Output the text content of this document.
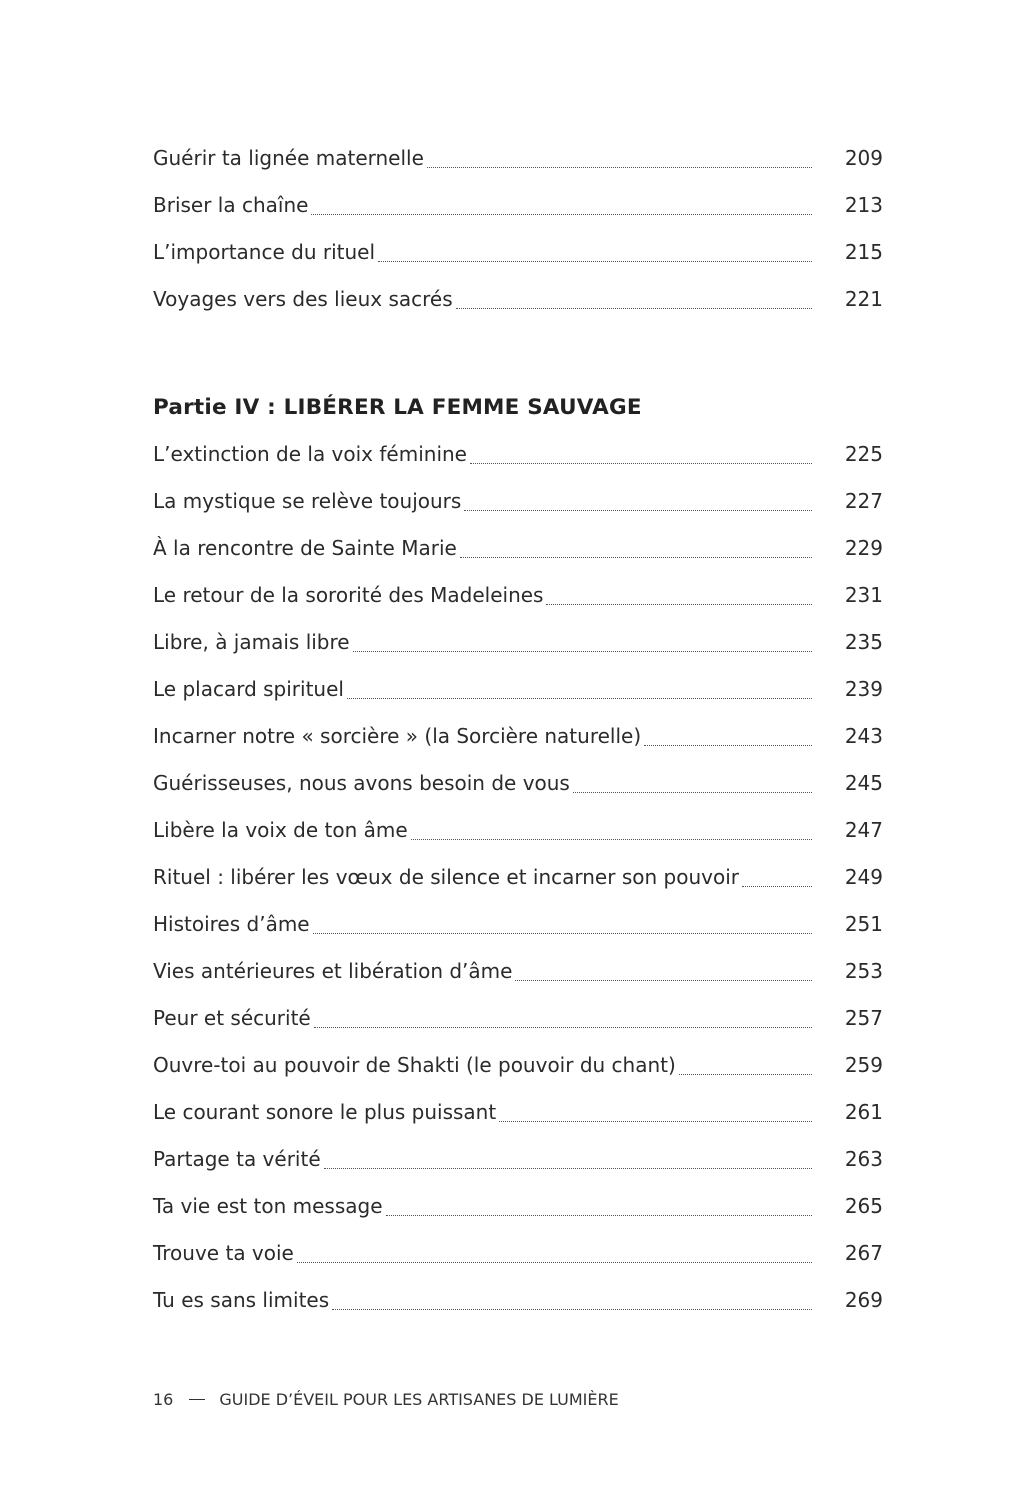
Guérir ta lignée maternelle	209
Briser la chaîne	213
L’importance du rituel	215
Voyages vers des lieux sacrés	221
Partie IV : LIBÉRER LA FEMME SAUVAGE
L’extinction de la voix féminine	225
La mystique se relève toujours	227
À la rencontre de Sainte Marie	229
Le retour de la sororité des Madeleines	231
Libre, à jamais libre	235
Le placard spirituel	239
Incarner notre « sorcière » (la Sorcière naturelle)	243
Guérisseuses, nous avons besoin de vous	245
Libère la voix de ton âme	247
Rituel : libérer les vœux de silence et incarner son pouvoir	249
Histoires d’âme	251
Vies antérieures et libération d’âme	253
Peur et sécurité	257
Ouvre-toi au pouvoir de Shakti (le pouvoir du chant)	259
Le courant sonore le plus puissant	261
Partage ta vérité	263
Ta vie est ton message	265
Trouve ta voie	267
Tu es sans limites	269
16	GUIDE D’ÉVEIL POUR LES ARTISANES DE LUMIÈRE
